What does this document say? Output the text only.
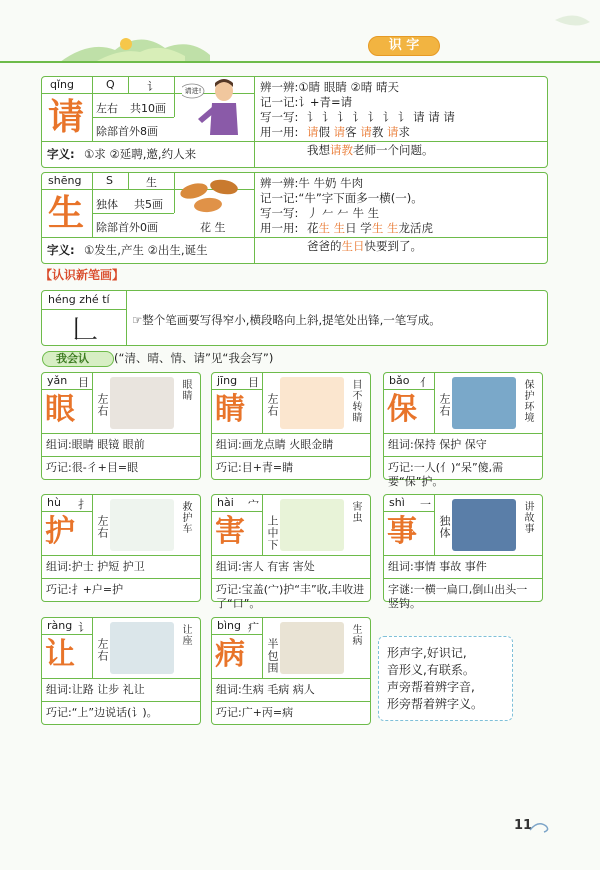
识 字
qǐng	Q	讠
请 左右 共10画
除部首外8画
请进!	辨一辨:①睛 眼睛 ②晴 晴天
记一记:讠+青=请
写一写: 讠 讠 讠 讠 讠 讠 讠 请 请 请
用一用: 请假 请客 请教 请求
我想请教老师一个问题。
字义: ①求 ②延聘,邀,约人来
shēng S	生
生 独体 共5画
除部首外0画	花 生
辨一辨:牛 牛奶 牛肉
记一记:“牛”字下面多一横(一)。
写一写: 丿 𠂉 𠂉 牛 生
用一用: 花生 生日 学生 生龙活虎
爸爸的生日快要到了。
字义: ①发生,产生 ②出生,诞生
【认识新笔画】
héng zhé tí
𠃊	☞整个笔画要写得窄小,横段略向上斜,提笔处出锋,一笔写成。
我会认 (“清、晴、情、请”见“我会写”)
yǎn 目
眼 左右
眼睛
组词:眼睛 眼镜 眼前
巧记:很-彳+目=眼
jīng 目
睛 左右	目不转睛
组词:画龙点睛 火眼金睛
巧记:目+青=睛
bǎo 亻
保 左右	保护环境
组词:保持 保护 保守
巧记:一人(亻)“呆”傻,需要“保”护。
hù 扌
护 左右	救护车
组词:护士 护短 护卫
巧记:扌+户=护
hài 宀
害 上中下
害虫
组词:害人 有害 害处
巧记:宝盖(宀)护“丰”收,丰收进了“口”。
shì 一
事 独体	讲故事
组词:事情 事故 事件
字谜:一横一扁口,倒山出头一竖钩。
ràng 讠
让 左右
让座
组词:让路 让步 礼让
巧记:“上”边说话(讠)。
bìng 疒
病 半包围
生病
组词:生病 毛病 病人
巧记:广+丙=病
形声字,好识记,
音形义,有联系。
声旁帮着辨字音,
形旁帮着辨字义。
11
